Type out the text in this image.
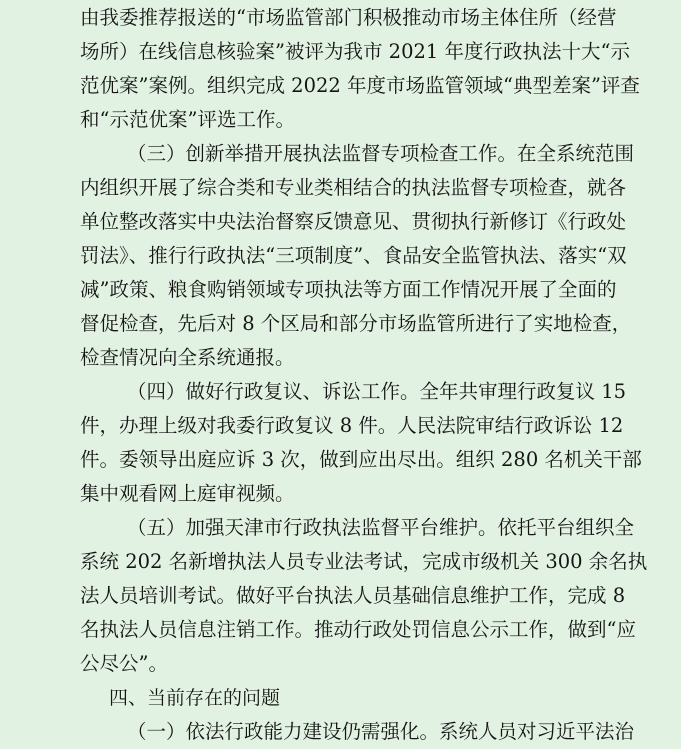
由我委推荐报送的“市场监管部门积极推动市场主体住所（经营
场所）在线信息核验案”被评为我市 2021 年度行政执法十大“示
范优案”案例。组织完成 2022 年度市场监管领域“典型差案”评查
和“示范优案”评选工作。
（三）创新举措开展执法监督专项检查工作。在全系统范围
内组织开展了综合类和专业类相结合的执法监督专项检查，就各
单位整改落实中央法治督察反馈意见、贯彻执行新修订《行政处
罚法》、推行行政执法“三项制度”、食品安全监管执法、落实“双
减”政策、粮食购销领域专项执法等方面工作情况开展了全面的
督促检查，先后对 8 个区局和部分市场监管所进行了实地检查，
检查情况向全系统通报。
（四）做好行政复议、诉讼工作。全年共审理行政复议 15
件，办理上级对我委行政复议 8 件。人民法院审结行政诉讼 12
件。委领导出庭应诉 3 次，做到应出尽出。组织 280 名机关干部
集中观看网上庭审视频。
（五）加强天津市行政执法监督平台维护。依托平台组织全
系统 202 名新增执法人员专业法考试，完成市级机关 300 余名执
法人员培训考试。做好平台执法人员基础信息维护工作，完成 8
名执法人员信息注销工作。推动行政处罚信息公示工作，做到“应
公尽公”。
四、当前存在的问题
（一）依法行政能力建设仍需强化。系统人员对习近平法治
